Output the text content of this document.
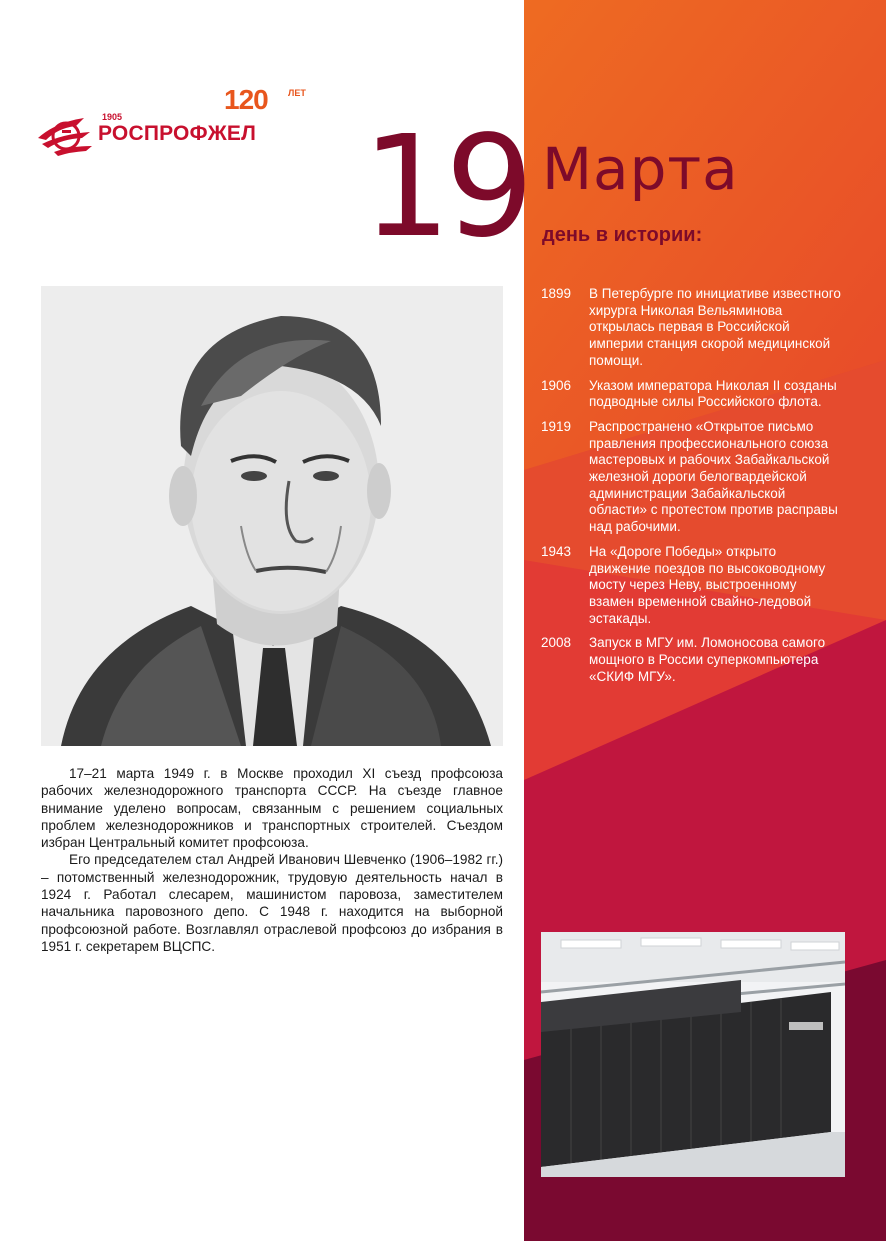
1905
РОСПРОФЖЕЛ
120 ЛЕТ
19 Марта
день в истории:
1899	В Петербурге по инициативе известного хирурга Николая Вельяминова открылась первая в Российской империи станция скорой медицинской помощи.
1906	Указом императора Николая II созданы подводные силы Российского флота.
1919	Распространено «Открытое письмо правления профессионального союза мастеровых и рабочих Забайкальской железной дороги белогвардейской администрации Забайкальской области» с протестом против расправы над рабочими.
1943	На «Дороге Победы» открыто движение поездов по высоководному мосту через Неву, выстроенному взамен временной свайно-ледовой эстакады.
2008	Запуск в МГУ им. Ломоносова самого мощного в России суперкомпьютера «СКИФ МГУ».

17–21 марта 1949 г. в Москве проходил XI съезд профсоюза рабочих железнодорожного транспорта СССР. На съезде главное внимание уделено вопросам, связанным с решением социальных проблем железнодорожников и транспортных строителей. Съездом избран Центральный комитет профсоюза.

Его председателем стал Андрей Иванович Шевченко (1906–1982 гг.) – потомственный железнодорожник, трудовую деятельность начал в 1924 г. Работал слесарем, машинистом паровоза, заместителем начальника паровозного депо. С 1948 г. находится на выборной профсоюзной работе. Возглавлял отраслевой профсоюз до избрания в 1951 г. секретарем ВЦСПС.
